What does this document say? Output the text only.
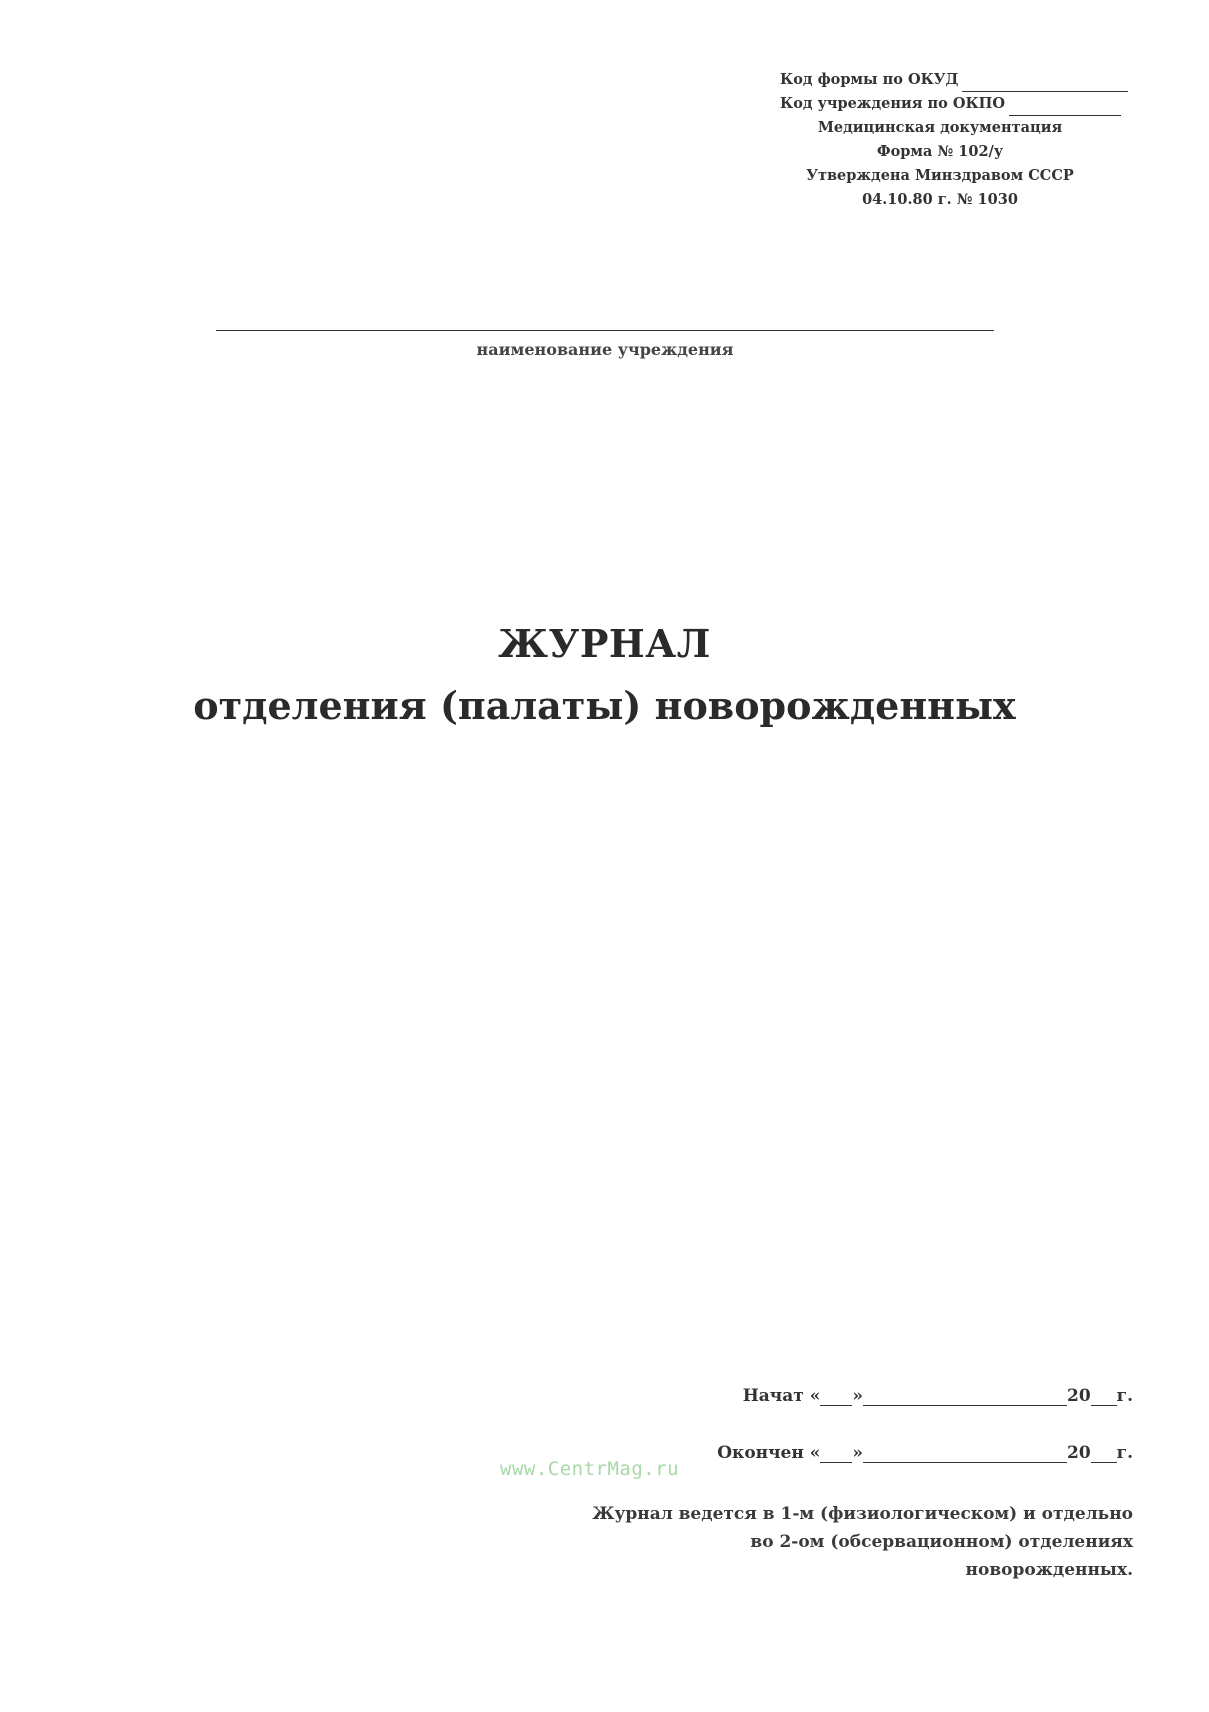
Код формы по ОКУД
Код учреждения по ОКПО
Медицинская документация
Форма № 102/у
Утверждена Минздравом СССР
04.10.80 г. № 1030
наименование учреждения
ЖУРНАЛ
отделения (палаты) новорожденных
Начат
« »	20 г.
Окончен
« »	20 г.
www.CentrMag.ru
Журнал ведется в 1-м (физиологическом) и отдельно
во 2-ом (обсервационном) отделениях
новорожденных.
